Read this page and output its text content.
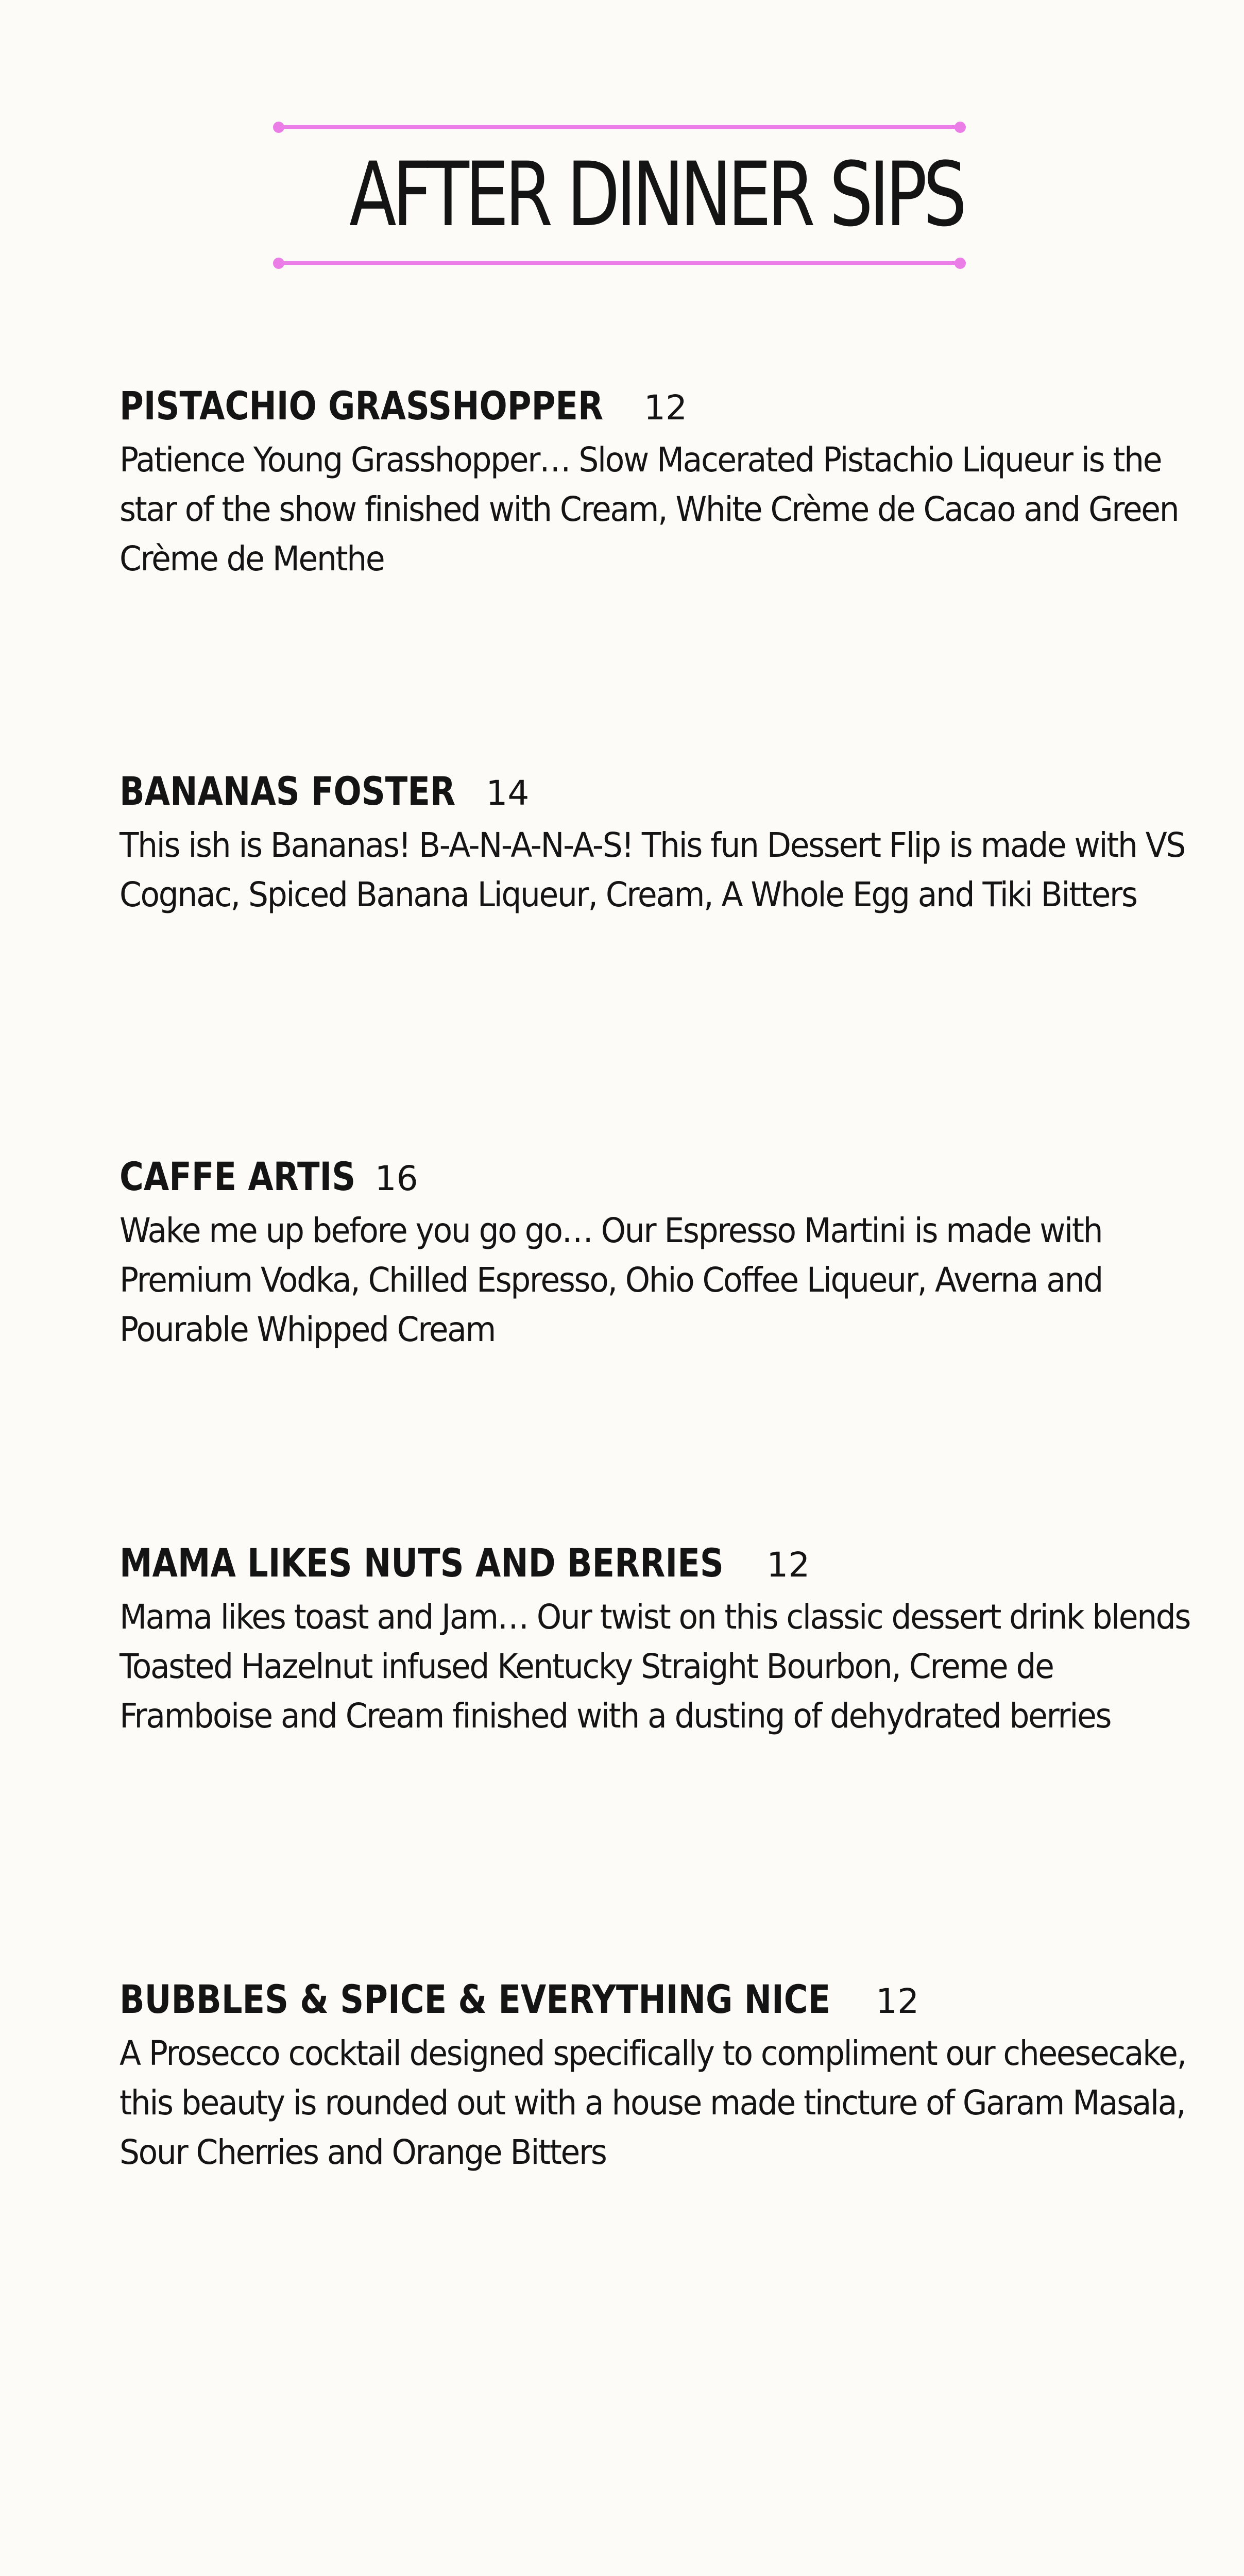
AFTER DINNER SIPS
PISTACHIO GRASSHOPPER 12

Patience Young Grasshopper… Slow Macerated Pistachio Liqueur is the star of the show finished with Cream, White Crème de Cacao and Green Crème de Menthe

BANANAS FOSTER 14

This ish is Bananas! B-A-N-A-N-A-S! This fun Dessert Flip is made with VS Cognac, Spiced Banana Liqueur, Cream, A Whole Egg and Tiki Bitters

CAFFE ARTIS 16

Wake me up before you go go… Our Espresso Martini is made with Premium Vodka, Chilled Espresso, Ohio Coffee Liqueur, Averna and Pourable Whipped Cream

MAMA LIKES NUTS AND BERRIES 12

Mama likes toast and Jam… Our twist on this classic dessert drink blends Toasted Hazelnut infused Kentucky Straight Bourbon, Creme de Framboise and Cream finished with a dusting of dehydrated berries

BUBBLES & SPICE & EVERYTHING NICE 12

A Prosecco cocktail designed specifically to compliment our cheesecake, this beauty is rounded out with a house made tincture of Garam Masala, Sour Cherries and Orange Bitters
